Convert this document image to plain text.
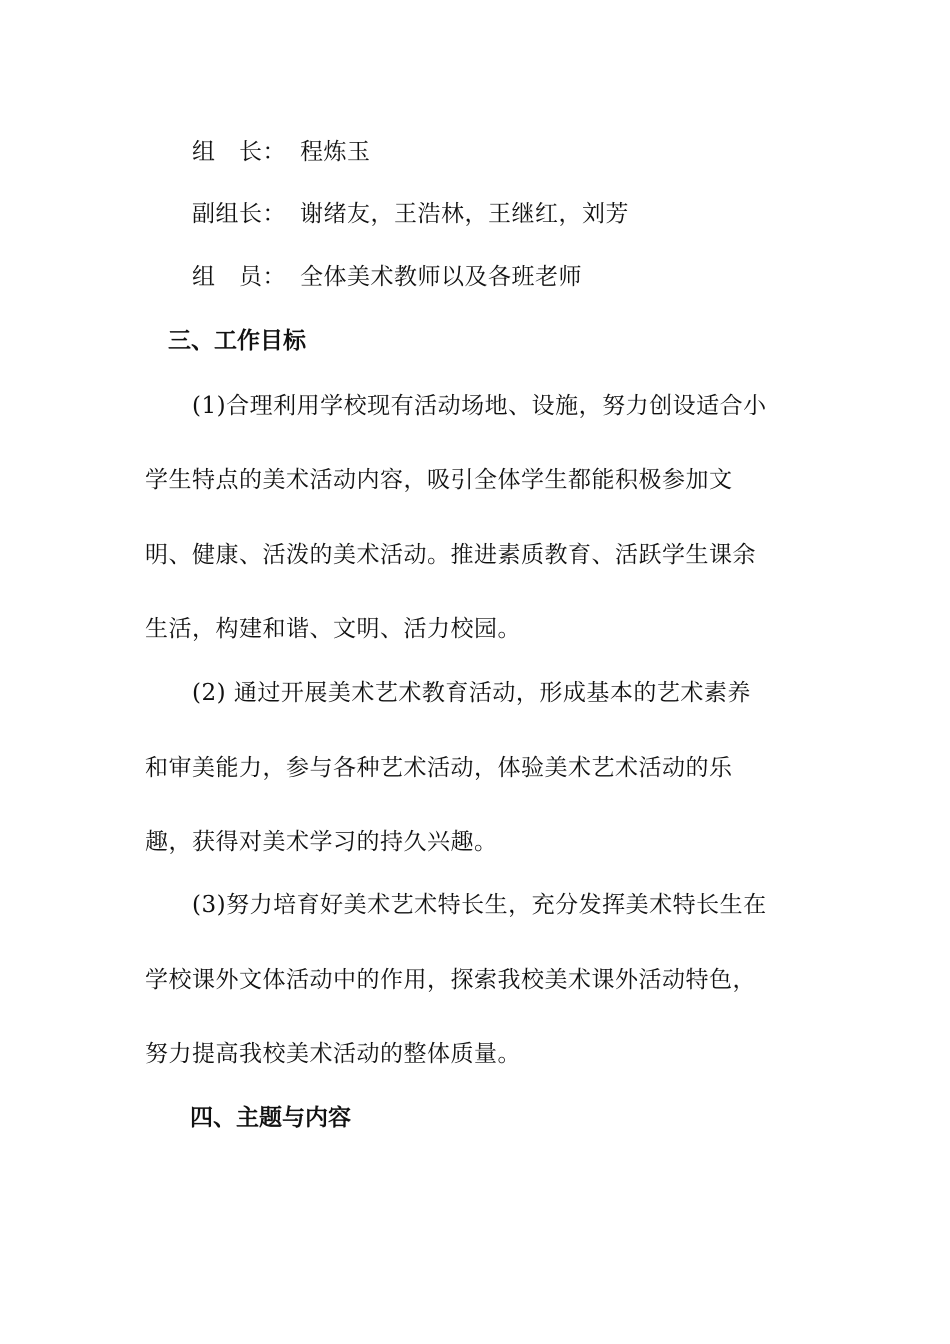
组　长： 程炼玉
副组长： 谢绪友，王浩林，王继红，刘芳
组　员： 全体美术教师以及各班老师
三、工作目标
(1)合理利用学校现有活动场地、设施，努力创设适合小
学生特点的美术活动内容，吸引全体学生都能积极参加文
明、健康、活泼的美术活动。推进素质教育、活跃学生课余
生活，构建和谐、文明、活力校园。
(2) 通过开展美术艺术教育活动，形成基本的艺术素养
和审美能力，参与各种艺术活动，体验美术艺术活动的乐
趣，获得对美术学习的持久兴趣。
(3)努力培育好美术艺术特长生，充分发挥美术特长生在
学校课外文体活动中的作用，探索我校美术课外活动特色，
努力提高我校美术活动的整体质量。
四、主题与内容
